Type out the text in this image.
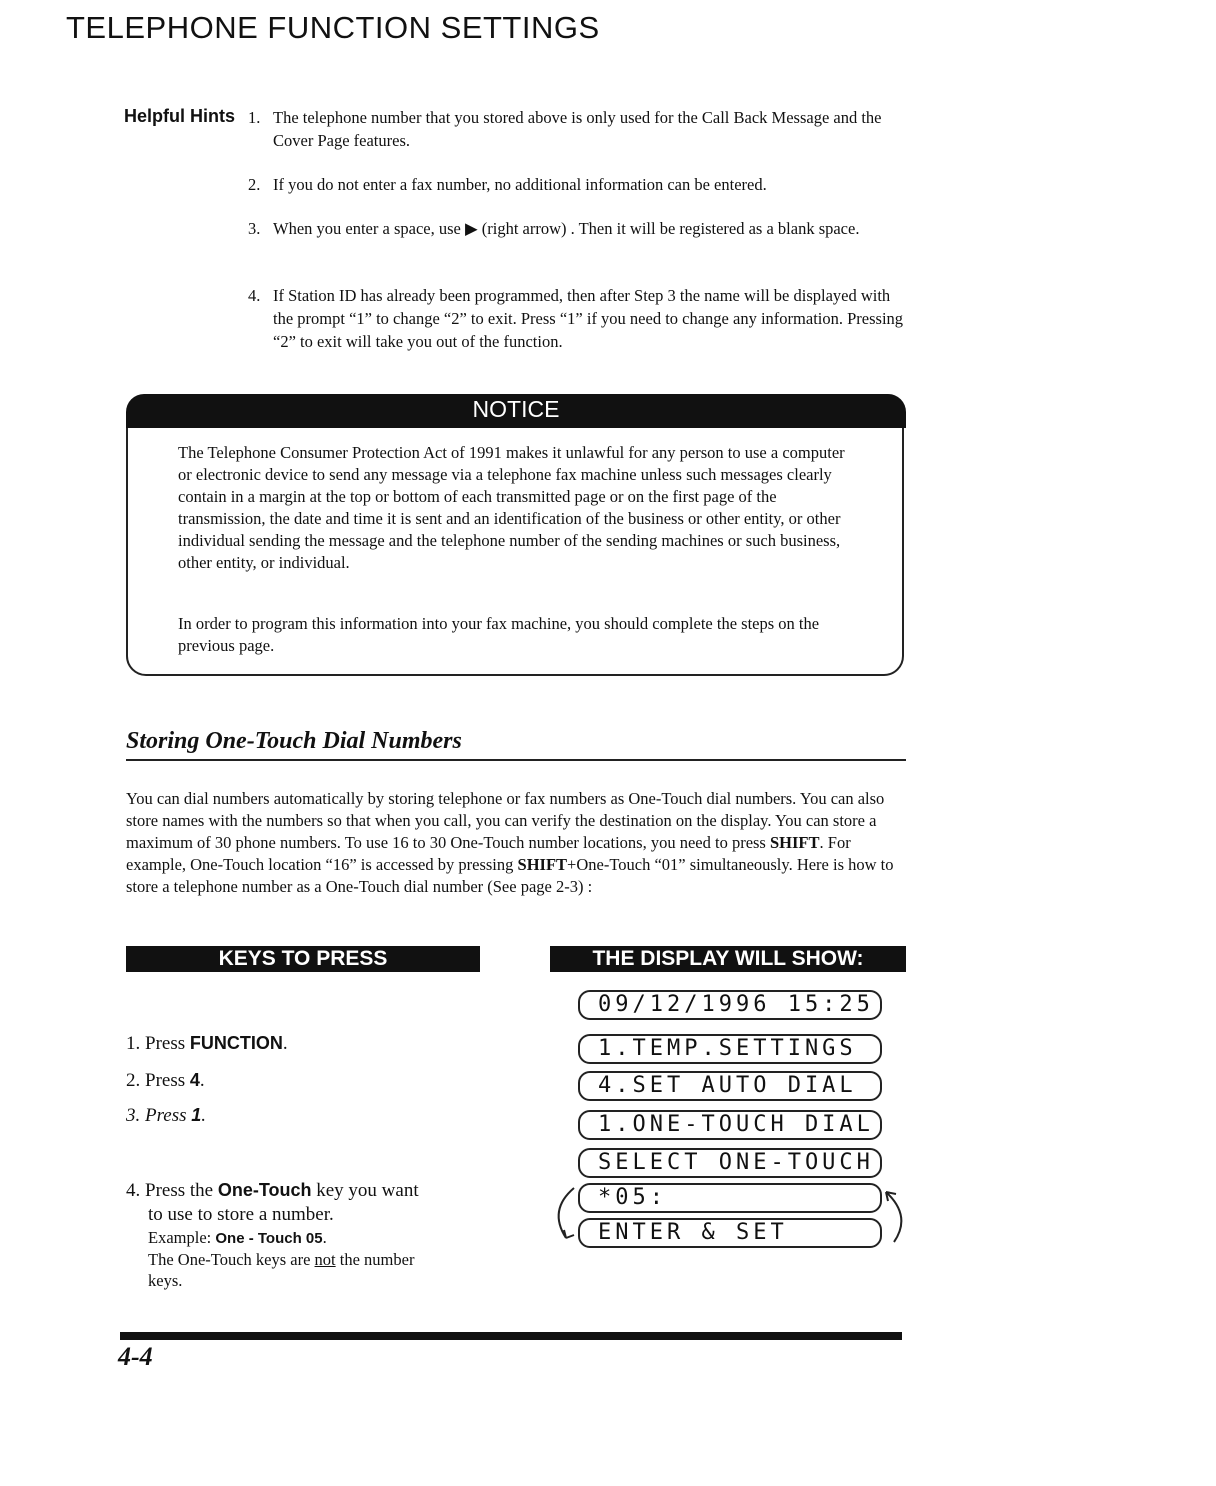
TELEPHONE FUNCTION SETTINGS
Helpful Hints 1. The telephone number that you stored above is only used for the Call Back Message and the Cover Page features.
2. If you do not enter a fax number, no additional information can be entered.
3. When you enter a space, use ▶ (right arrow) . Then it will be registered as a blank space.
4. If Station ID has already been programmed, then after Step 3 the name will be displayed with the prompt “1” to change “2” to exit. Press “1” if you need to change any information. Pressing “2” to exit will take you out of the function.
NOTICE
The Telephone Consumer Protection Act of 1991 makes it unlawful for any person to use a computer or electronic device to send any message via a telephone fax machine unless such messages clearly contain in a margin at the top or bottom of each transmitted page or on the first page of the transmission, the date and time it is sent and an identification of the business or other entity, or other individual sending the message and the telephone number of the sending machines or such business, other entity, or individual.
In order to program this information into your fax machine, you should complete the steps on the previous page.
Storing One-Touch Dial Numbers
You can dial numbers automatically by storing telephone or fax numbers as One-Touch dial numbers. You can also store names with the numbers so that when you call, you can verify the destination on the display. You can store a maximum of 30 phone numbers. To use 16 to 30 One-Touch number locations, you need to press SHIFT. For example, One-Touch location “16” is accessed by pressing SHIFT+One-Touch “01” simultaneously. Here is how to store a telephone number as a One-Touch dial number (See page 2-3) :
KEYS TO PRESS	THE DISPLAY WILL SHOW:
1. Press FUNCTION.
2. Press 4.
3. Press 1.
4. Press the One-Touch key you want
to use to store a number.
Example: One - Touch 05.
The One-Touch keys are not the number
keys.
09/12/1996 15:25
1.TEMP.SETTINGS
4.SET AUTO DIAL
1.ONE-TOUCH DIAL
SELECT ONE-TOUCH
*05:
ENTER & SET
4-4
